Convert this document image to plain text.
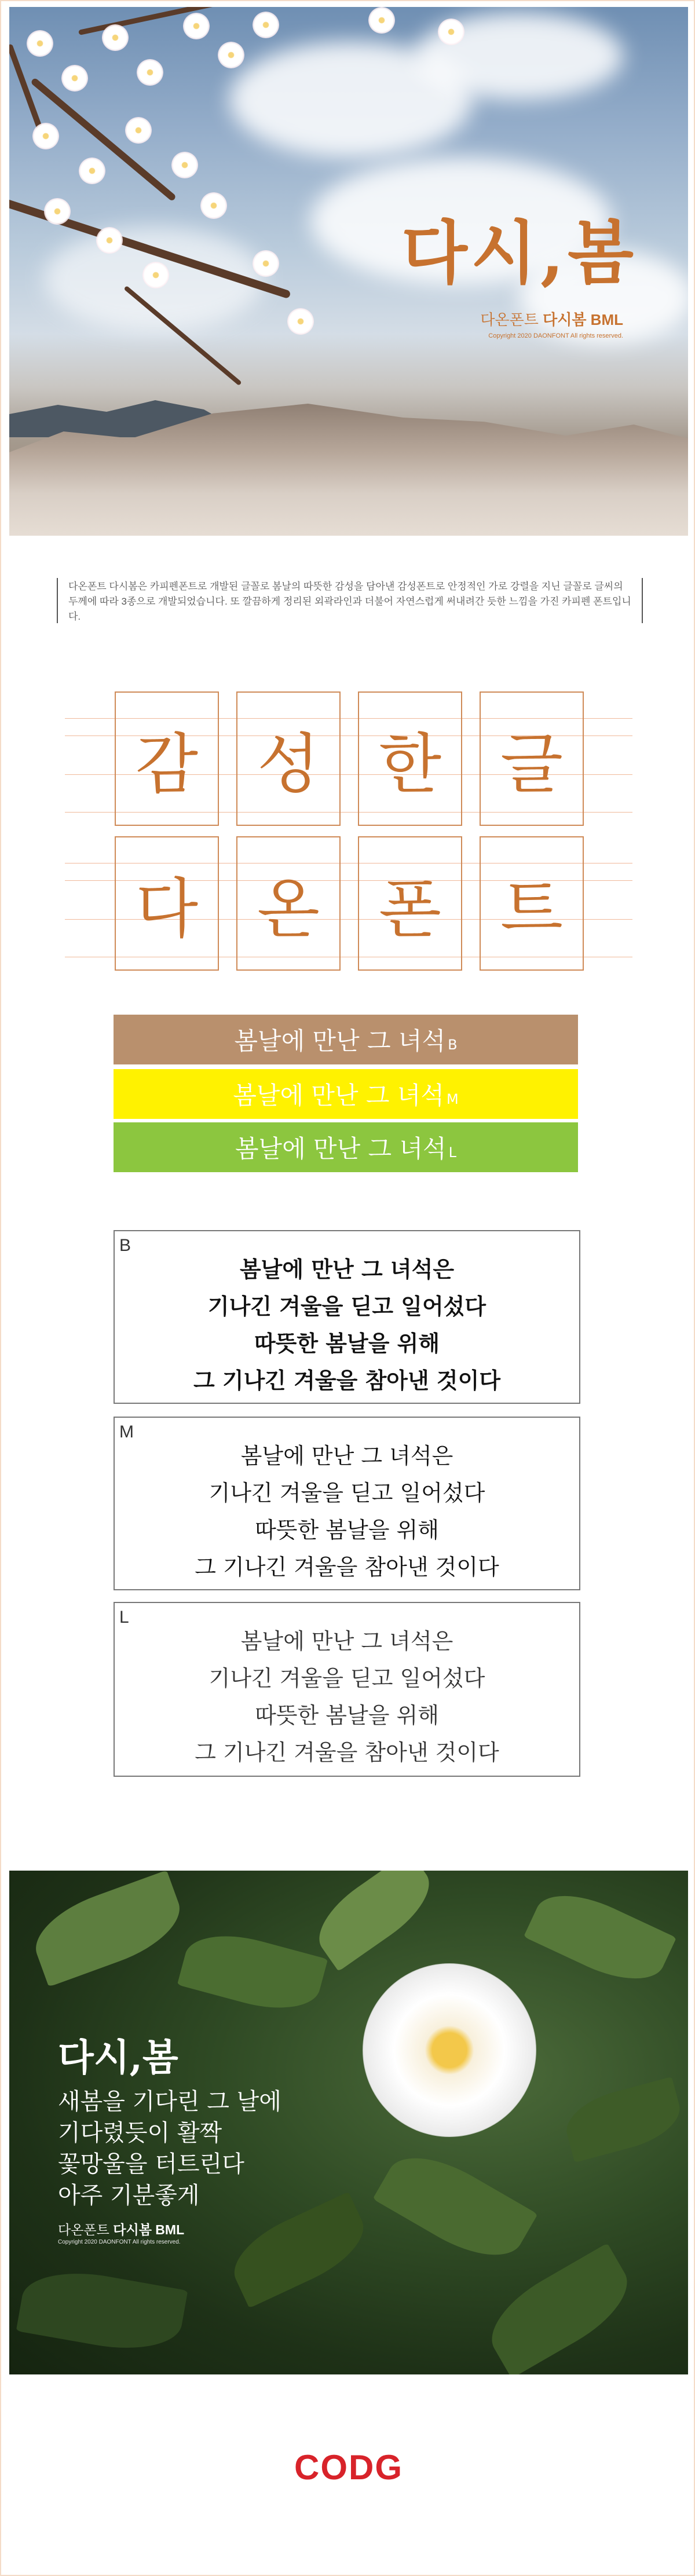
다시,봄
다온폰트 다시봄 BML
Copyright 2020 DAONFONT All rights reserved.
다온폰트 다시봄은 카피펜폰트로 개발된 글꼴로 봄날의 따뜻한 감성을 담아낸 감성폰트로 안정적인 가로 강렬을 지닌 글꼴로 글씨의 두께에 따라 3종으로 개발되었습니다. 또 깔끔하게 정리된 외곽라인과 더불어 자연스럽게 써내려간 듯한 느낌을 가진 카피펜 폰트입니다.
감 성 한 글
다 온 폰 트
봄날에 만난 그 녀석 B
봄날에 만난 그 녀석 M
봄날에 만난 그 녀석 L
B
봄날에 만난 그 녀석은
기나긴 겨울을 딛고 일어섰다
따뜻한 봄날을 위해
그 기나긴 겨울을 참아낸 것이다
M
봄날에 만난 그 녀석은
기나긴 겨울을 딛고 일어섰다
따뜻한 봄날을 위해
그 기나긴 겨울을 참아낸 것이다
L
봄날에 만난 그 녀석은
기나긴 겨울을 딛고 일어섰다
따뜻한 봄날을 위해
그 기나긴 겨울을 참아낸 것이다
다시,봄
새봄을 기다린 그 날에
기다렸듯이 활짝
꽃망울을 터트린다
아주 기분좋게
다온폰트 다시봄 BML
Copyright 2020 DAONFONT All rights reserved.
CODG
